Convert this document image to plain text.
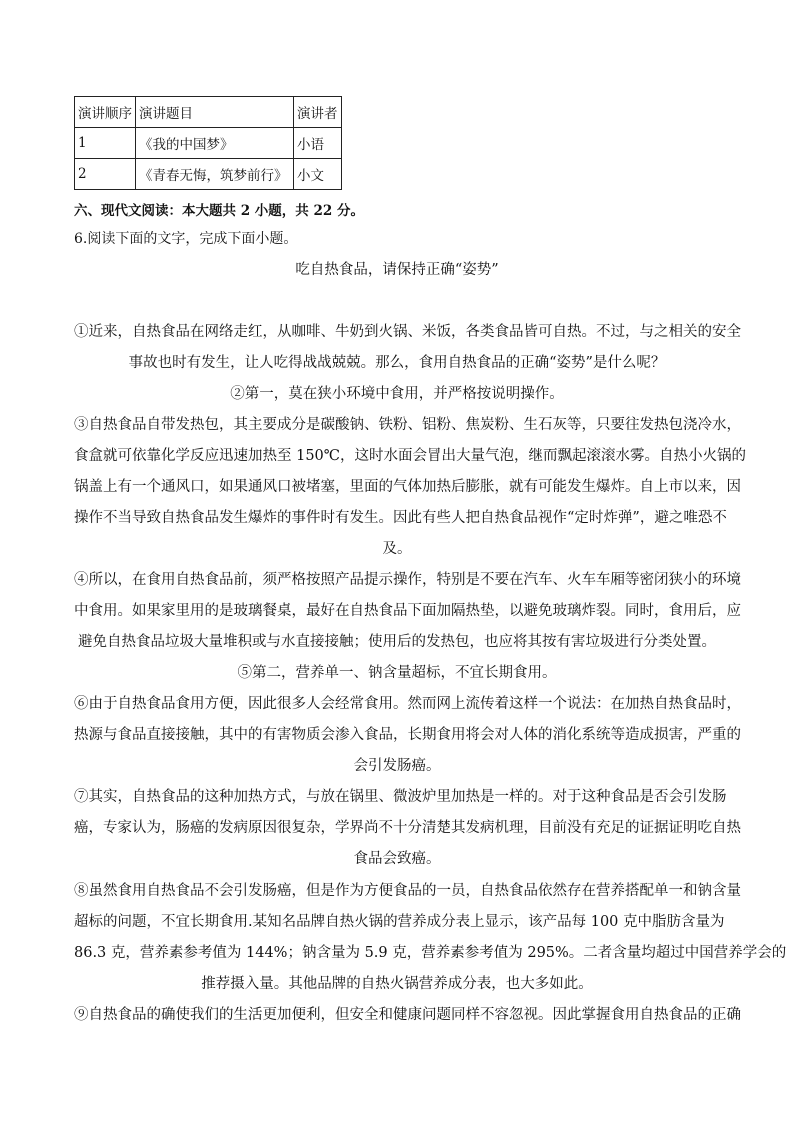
演讲顺序	演讲题目	演讲者
1	《我的中国梦》	小语
2	《青春无悔，筑梦前行》	小文
六、现代文阅读：本大题共 2 小题，共 22 分。
6.阅读下面的文字，完成下面小题。
吃自热食品，请保持正确“姿势”
①近来，自热食品在网络走红，从咖啡、牛奶到火锅、米饭，各类食品皆可自热。不过，与之相关的安全
事故也时有发生，让人吃得战战兢兢。那么，食用自热食品的正确“姿势”是什么呢？
②第一，莫在狭小环境中食用，并严格按说明操作。
③自热食品自带发热包，其主要成分是碳酸钠、铁粉、铝粉、焦炭粉、生石灰等，只要往发热包浇冷水，
食盒就可依靠化学反应迅速加热至 150℃，这时水面会冒出大量气泡，继而飘起滚滚水雾。自热小火锅的
锅盖上有一个通风口，如果通风口被堵塞，里面的气体加热后膨胀，就有可能发生爆炸。自上市以来，因
操作不当导致自热食品发生爆炸的事件时有发生。因此有些人把自热食品视作“定时炸弹”，避之唯恐不
及。
④所以，在食用自热食品前，须严格按照产品提示操作，特别是不要在汽车、火车车厢等密闭狭小的环境
中食用。如果家里用的是玻璃餐桌，最好在自热食品下面加隔热垫，以避免玻璃炸裂。同时，食用后，应
避免自热食品垃圾大量堆积或与水直接接触；使用后的发热包，也应将其按有害垃圾进行分类处置。
⑤第二，营养单一、钠含量超标，不宜长期食用。
⑥由于自热食品食用方便，因此很多人会经常食用。然而网上流传着这样一个说法：在加热自热食品时，
热源与食品直接接触，其中的有害物质会渗入食品，长期食用将会对人体的消化系统等造成损害，严重的
会引发肠癌。
⑦其实，自热食品的这种加热方式，与放在锅里、微波炉里加热是一样的。对于这种食品是否会引发肠
癌，专家认为，肠癌的发病原因很复杂，学界尚不十分清楚其发病机理，目前没有充足的证据证明吃自热
食品会致癌。
⑧虽然食用自热食品不会引发肠癌，但是作为方便食品的一员，自热食品依然存在营养搭配单一和钠含量
超标的问题，不宜长期食用.某知名品牌自热火锅的营养成分表上显示，该产品每 100 克中脂肪含量为
86.3 克，营养素参考值为 144%；钠含量为 5.9 克，营养素参考值为 295%。二者含量均超过中国营养学会的
推荐摄入量。其他品牌的自热火锅营养成分表，也大多如此。
⑨自热食品的确使我们的生活更加便利，但安全和健康问题同样不容忽视。因此掌握食用自热食品的正确
